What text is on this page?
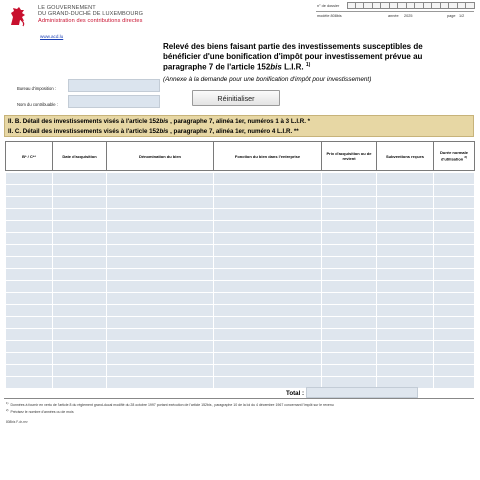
LE GOUVERNEMENT
DU GRAND-DUCHÉ DE LUXEMBOURG
Administration des contributions directes
www.acd.lu
n° de dossier
modèle 808bis	année 2025	page 1/2
Relevé des biens faisant partie des investissements susceptibles de
bénéficier d'une bonification d'impôt pour investissement prévue au
paragraphe 7 de l'article 152bis L.I.R. $^{1)}$
(Annexe à la demande pour une bonification d'impôt pour investissement)
Bureau d'imposition :
Nom du contribuable :
Réinitialiser
II. B. Détail des investissements visés à l'article 152bis , paragraphe 7, alinéa 1er, numéros 1 à 3 L.I.R. *
II. C. Détail des investissements visés à l'article 152bis , paragraphe 7, alinéa 1er, numéro 4 L.I.R. **
B* / C**	Date d'acquisition	Dénomination du bien	Fonction du bien dans l'entreprise	Prix d'acquisition ou de revient	Subventions reçues	Durée normale d'utilisation $^{2)}$

Total :
$^{1)}$Données à fournir en vertu de l'article 8 du règlement grand-ducal modifié du 28 octobre 1997 portant exécution de l'article 152bis , paragraphe 10 de la loi du 4 décembre 1967 concernant l'impôt sur le revenu
$^{2)}$Précisez le nombre d'années ou de mois
808bis F-dr-rev
